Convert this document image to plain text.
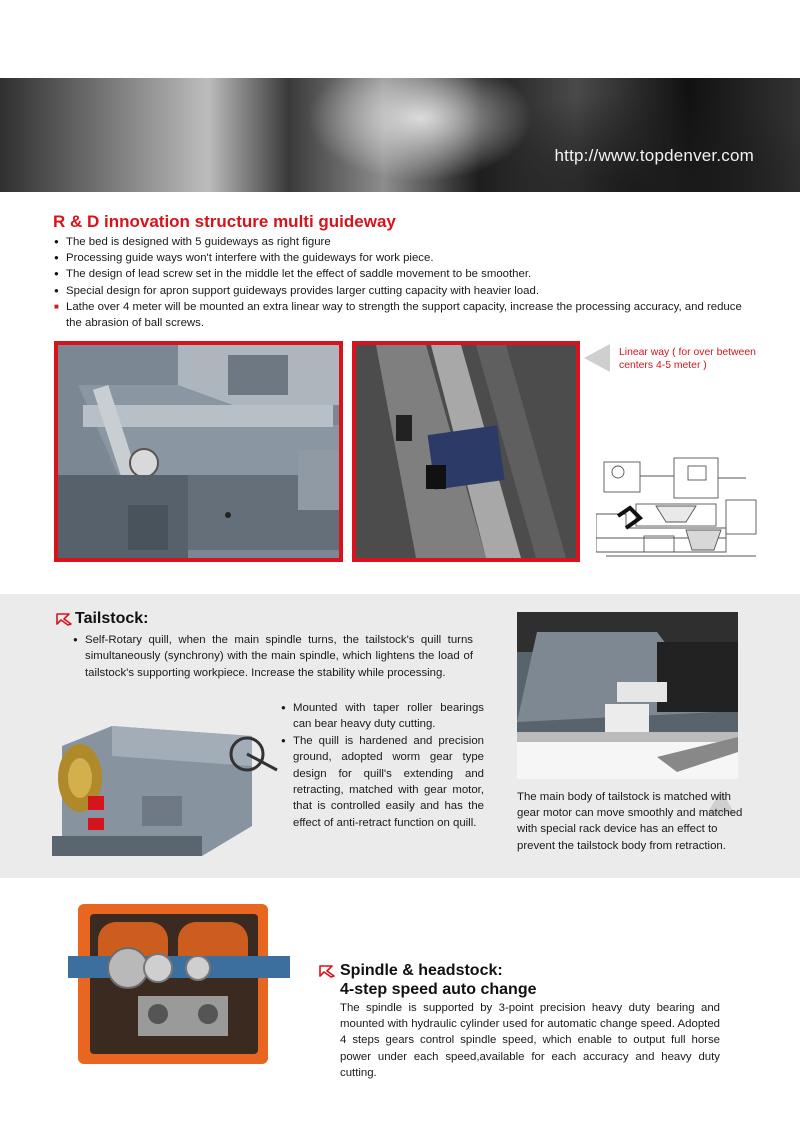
http://www.topdenver.com
R & D innovation structure multi guideway
● The bed is designed with 5 guideways as right figure
● Processing guide ways won't interfere with the guideways for work piece.
● The design of lead screw set in the middle let the effect of saddle movement to be smoother.
● Special design for apron support guideways provides larger cutting capacity with heavier load.
■ Lathe over 4 meter will be mounted an extra linear way to strength the support capacity, increase the processing accuracy, and reduce the abrasion of ball screws.
Linear way ( for over between centers 4-5 meter )
Tailstock:

● Self-Rotary quill, when the main spindle turns, the tailstock's quill turns simultaneously (synchrony) with the main spindle, which lightens the load of tailstock's supporting workpiece. Increase the stability while processing.

● Mounted with taper roller bearings can bear heavy duty cutting.
● The quill is hardened and precision ground, adopted worm gear type design for quill's extending and retracting, matched with gear motor, that is controlled easily and has the effect of anti-retract function on quill.
The main body of tailstock is matched with gear motor can move smoothly and matched with special rack device has an effect to prevent the tailstock body from retraction.
Spindle & headstock:
4-step speed auto change

The spindle is supported by 3-point precision heavy duty bearing and mounted with hydraulic cylinder used for automatic change speed. Adopted 4 steps gears control spindle speed, which enable to output full horse power under each speed,available for each accuracy and heavy duty cutting.
